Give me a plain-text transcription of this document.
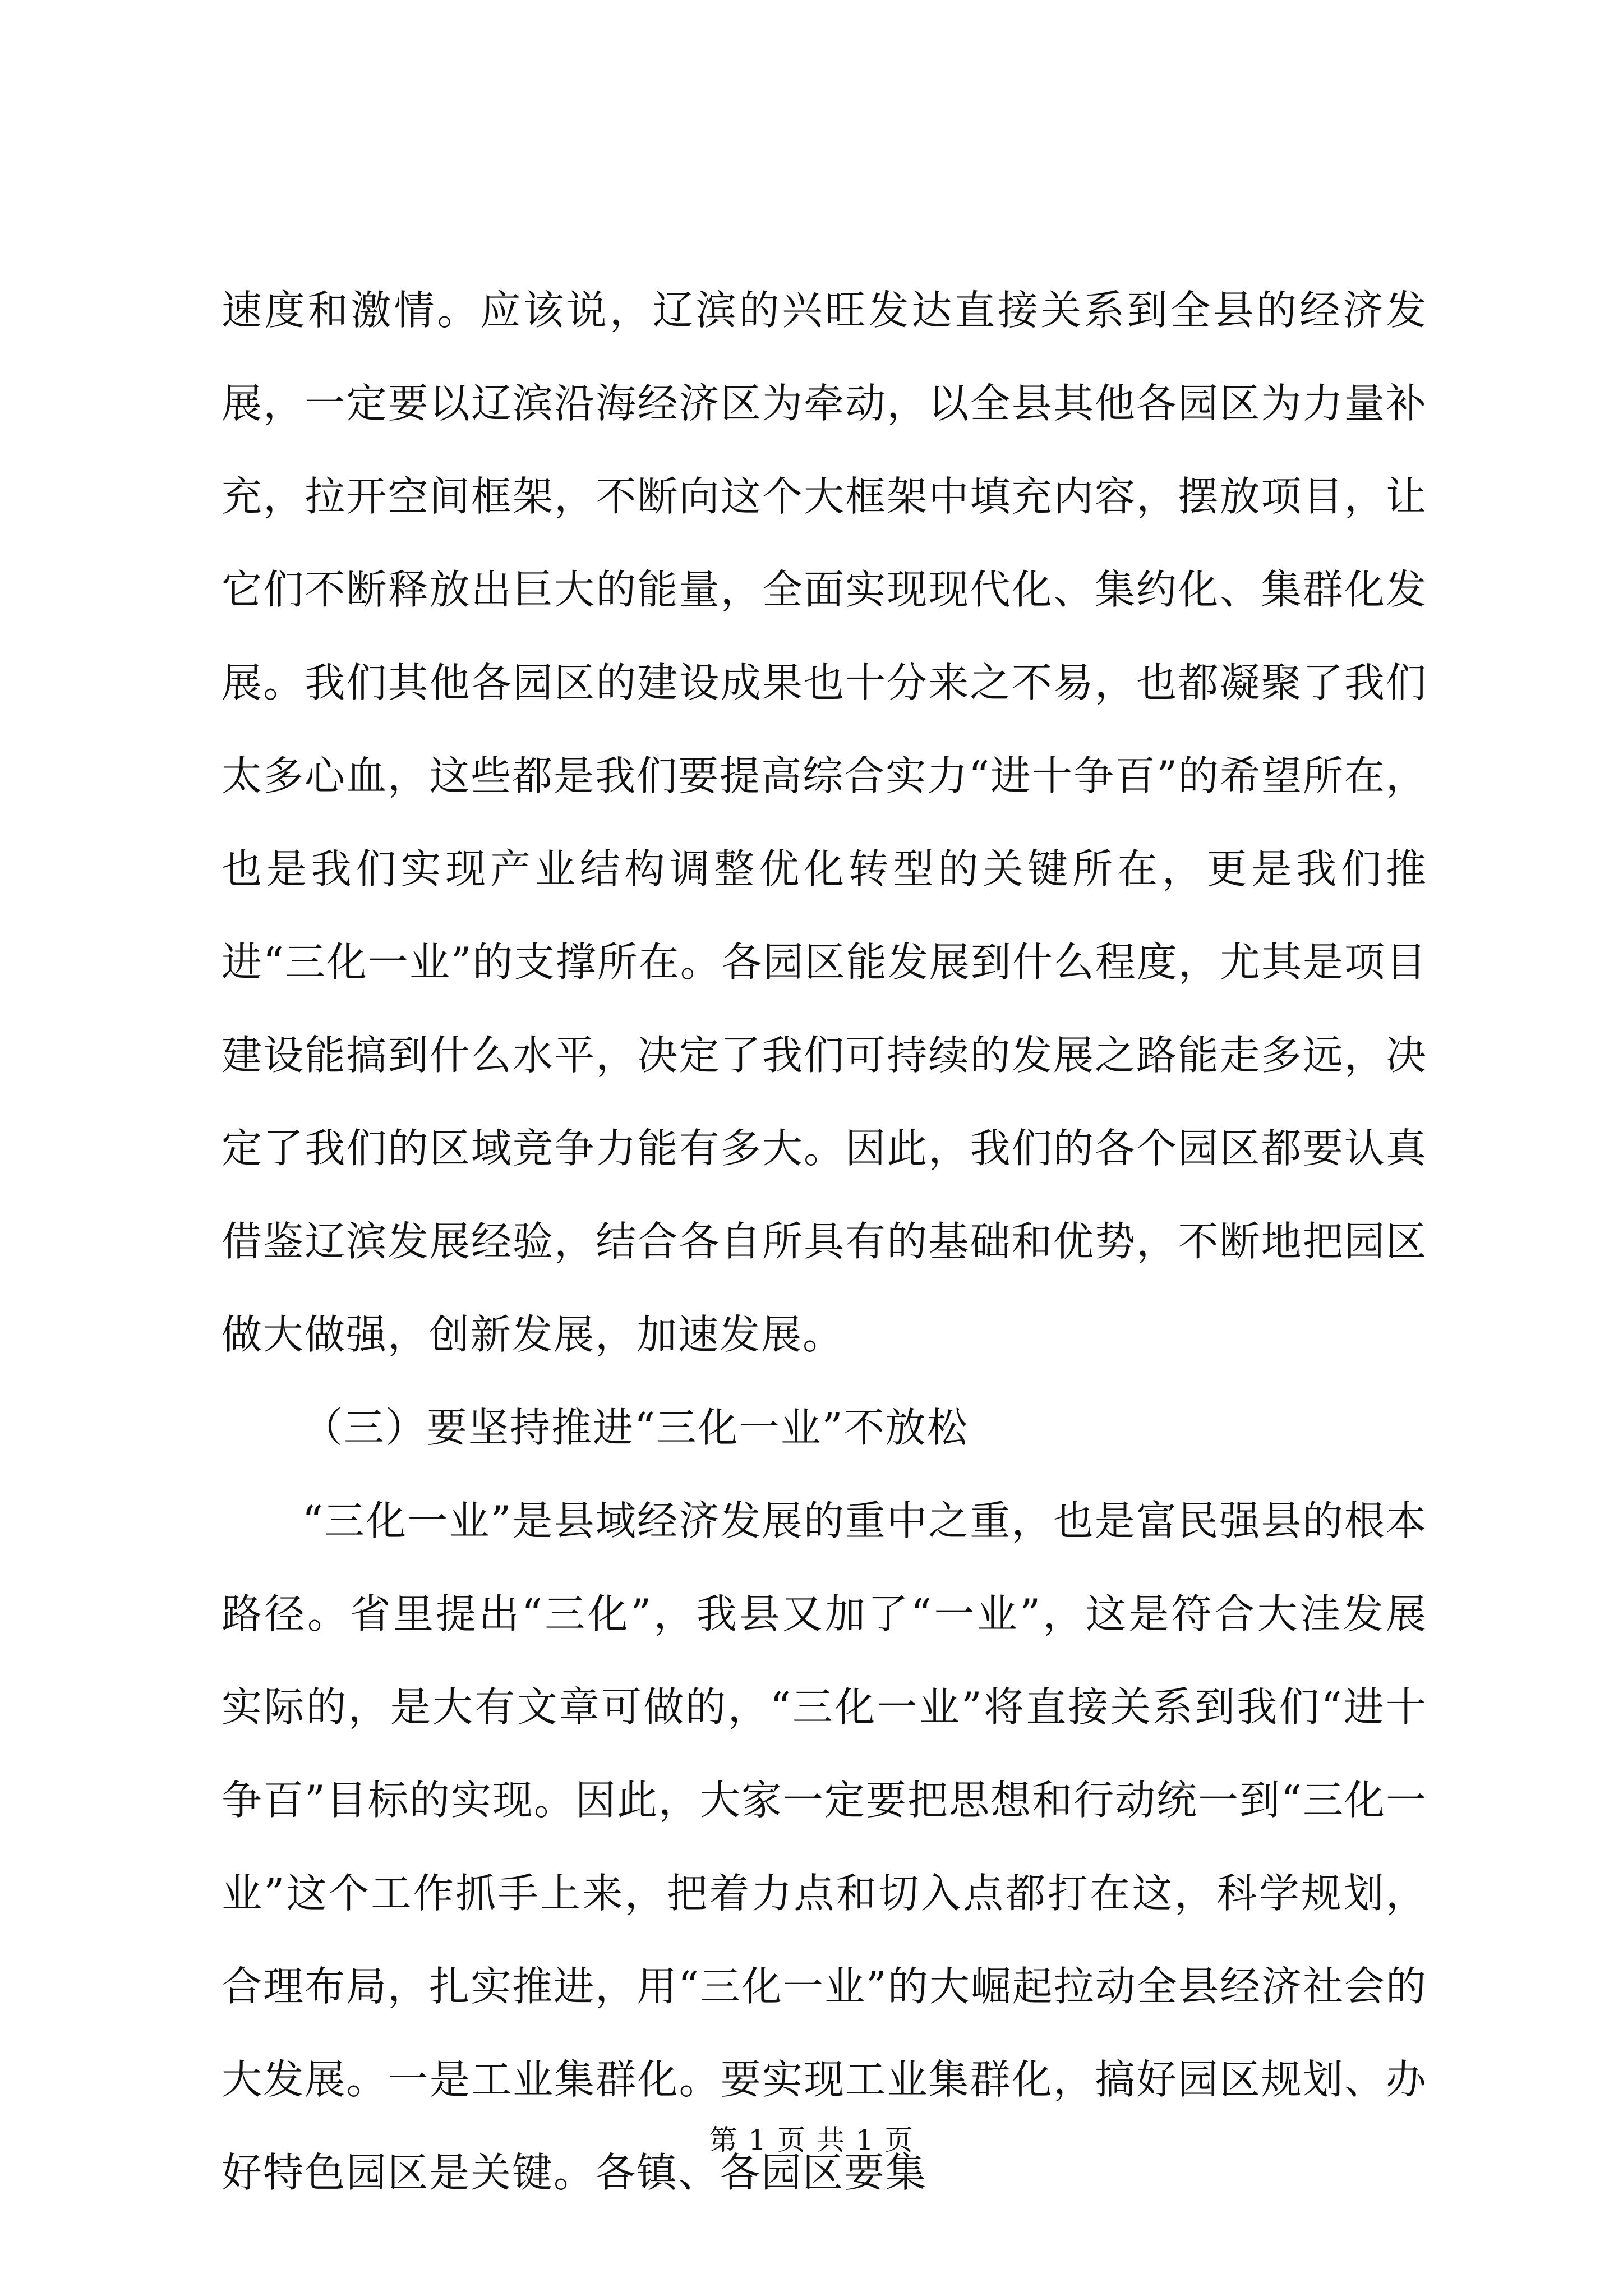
速度和激情。应该说，辽滨的兴旺发达直接关系到全县的经济发展，一定要以辽滨沿海经济区为牵动，以全县其他各园区为力量补充，拉开空间框架，不断向这个大框架中填充内容，摆放项目，让它们不断释放出巨大的能量，全面实现现代化、集约化、集群化发展。我们其他各园区的建设成果也十分来之不易，也都凝聚了我们太多心血，这些都是我们要提高综合实力“进十争百”的希望所在，也是我们实现产业结构调整优化转型的关键所在，更是我们推进“三化一业”的支撑所在。各园区能发展到什么程度，尤其是项目建设能搞到什么水平，决定了我们可持续的发展之路能走多远，决定了我们的区域竞争力能有多大。因此，我们的各个园区都要认真借鉴辽滨发展经验，结合各自所具有的基础和优势，不断地把园区做大做强，创新发展，加速发展。

（三）要坚持推进“三化一业”不放松

“三化一业”是县域经济发展的重中之重，也是富民强县的根本路径。省里提出“三化”，我县又加了“一业”，这是符合大洼发展实际的，是大有文章可做的，“三化一业”将直接关系到我们“进十争百”目标的实现。因此，大家一定要把思想和行动统一到“三化一业”这个工作抓手上来，把着力点和切入点都打在这，科学规划，合理布局，扎实推进，用“三化一业”的大崛起拉动全县经济社会的大发展。一是工业集群化。要实现工业集群化，搞好园区规划、办好特色园区是关键。各镇、各园区要集

第 1 页 共 1 页
